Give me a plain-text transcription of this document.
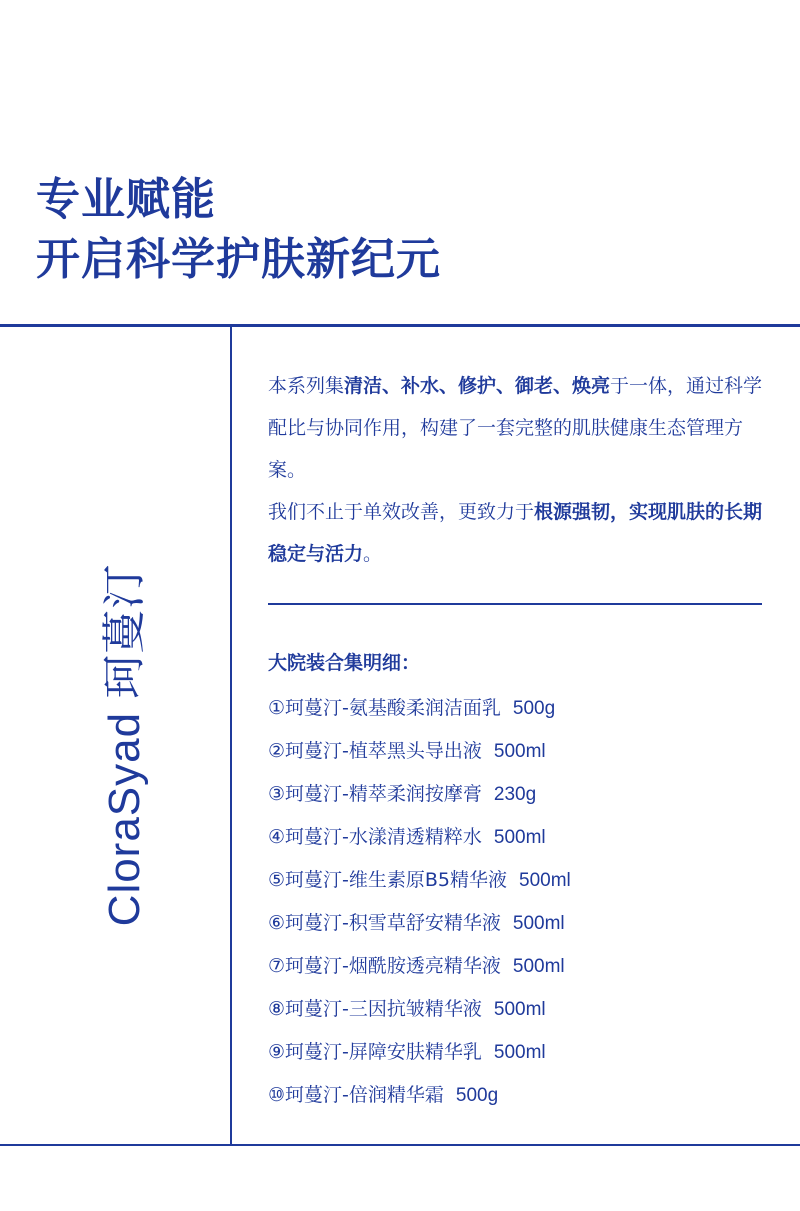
专业赋能
开启科学护肤新纪元
CloraSyad 珂蔓汀

本系列集清洁、补水、修护、御老、焕亮于一体，通过科学配比与协同作用，构建了一套完整的肌肤健康生态管理方案。

我们不止于单效改善，更致力于根源强韧，实现肌肤的长期稳定与活力。

大院装合集明细：
①珂蔓汀-氨基酸柔润洁面乳 500g
②珂蔓汀-植萃黑头导出液 500ml
③珂蔓汀-精萃柔润按摩膏 230g
④珂蔓汀-水漾清透精粹水 500ml
⑤珂蔓汀-维生素原B5精华液 500ml
⑥珂蔓汀-积雪草舒安精华液 500ml
⑦珂蔓汀-烟酰胺透亮精华液 500ml
⑧珂蔓汀-三因抗皱精华液 500ml
⑨珂蔓汀-屏障安肤精华乳 500ml
⑩珂蔓汀-倍润精华霜 500g
